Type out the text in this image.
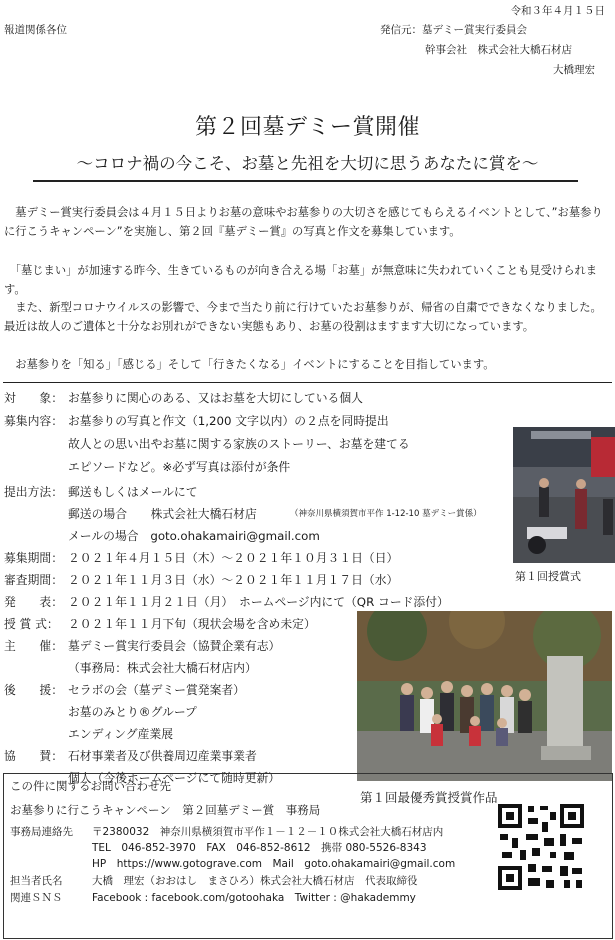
令和３年４月１５日
報道関係各位	発信元：墓デミー賞実行委員会
幹事会社　株式会社大橋石材店
大橋理宏
第２回墓デミー賞開催
～コロナ禍の今こそ、お墓と先祖を大切に思うあなたに賞を～
　墓デミー賞実行委員会は４月１５日よりお墓の意味やお墓参りの大切さを感じてもらえるイベントとして、”お墓参りに行こうキャンペーン”を実施し、第２回『墓デミー賞』の写真と作文を募集しています。
　「墓じまい」が加速する昨今、生きているものが向き合える場「お墓」が無意味に失われていくことも見受けられます。
　また、新型コロナウイルスの影響で、今まで当たり前に行けていたお墓参りが、帰省の自粛でできなくなりました。最近は故人のご遺体と十分なお別れができない実態もあり、お墓の役割はますます大切になっています。
　お墓参りを「知る」「感じる」そして「行きたくなる」イベントにすることを目指しています。
対　　象： お墓参りに関心のある、又はお墓を大切にしている個人
募集内容： お墓参りの写真と作文（1,200 文字以内）の２点を同時提出
故人との思い出やお墓に関する家族のストーリー、お墓を建てる
エピソードなど。※必ず写真は添付が条件
提出方法： 郵送もしくはメールにて
郵送の場合　　株式会社大橋石材店	（神奈川県横須賀市平作 1-12-10 墓デミー賞係）
メールの場合　goto.ohakamairi@gmail.com
募集期間： ２０２１年４月１５日（木）～２０２１年１０月３１日（日）
審査期間： ２０２１年１１月３日（水）～２０２１年１１月１７日（水）
発　　表： ２０２１年１１月２１日（月）　ホームページ内にて（QR コード添付）
授 賞 式： ２０２１年１１月下旬（現状会場を含め未定）
主　　催： 墓デミー賞実行委員会（協賛企業有志）
（事務局：株式会社大橋石材店内）
後　　援： セラボの会（墓デミー賞発案者）
お墓のみとり®グループ
エンディング産業展
協　　賛： 石材事業者及び供養周辺産業事業者
個人（今後ホームページにて随時更新）
第１回授賞式
第１回最優秀賞授賞作品
この件に関するお問い合わせ先
お墓参りに行こうキャンペーン　第２回墓デミー賞　事務局
事務局連絡先 〒2380032　神奈川県横須賀市平作１－１２－１０株式会社大橋石材店内
TEL　046-852-3970　FAX　046-852-8612　携帯 080-5526-8343
HP　https://www.gotograve.com　Mail　goto.ohakamairi@gmail.com
担当者氏名	大橋　理宏（おおはし　まさひろ）株式会社大橋石材店　代表取締役
関連ＳＮＳ	Facebook : facebook.com/gotoohaka　Twitter : @hakademmy
